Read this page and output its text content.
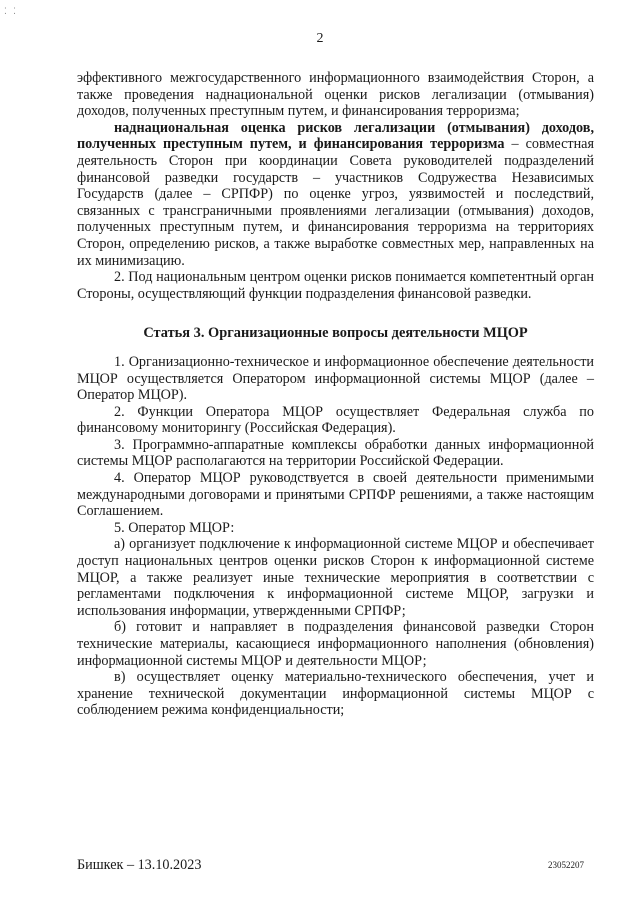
⁚ ⁚
2

эффективного межгосударственного информационного взаимодействия Сторон, а также проведения наднациональной оценки рисков легализации (отмывания) доходов, полученных преступным путем, и финансирования терроризма;

наднациональная оценка рисков легализации (отмывания) доходов, полученных преступным путем, и финансирования терроризма – совместная деятельность Сторон при координации Совета руководителей подразделений финансовой разведки государств – участников Содружества Независимых Государств (далее – СРПФР) по оценке угроз, уязвимостей и последствий, связанных с трансграничными проявлениями легализации (отмывания) доходов, полученных преступным путем, и финансирования терроризма на территориях Сторон, определению рисков, а также выработке совместных мер, направленных на их минимизацию.

2. Под национальным центром оценки рисков понимается компетентный орган Стороны, осуществляющий функции подразделения финансовой разведки.

Статья 3. Организационные вопросы деятельности МЦОР

1. Организационно-техническое и информационное обеспечение деятельности МЦОР осуществляется Оператором информационной системы МЦОР (далее – Оператор МЦОР).

2. Функции Оператора МЦОР осуществляет Федеральная служба по финансовому мониторингу (Российская Федерация).

3. Программно-аппаратные комплексы обработки данных информационной системы МЦОР располагаются на территории Российской Федерации.

4. Оператор МЦОР руководствуется в своей деятельности применимыми международными договорами и принятыми СРПФР решениями, а также настоящим Соглашением.

5. Оператор МЦОР:

а) организует подключение к информационной системе МЦОР и обеспечивает доступ национальных центров оценки рисков Сторон к информационной системе МЦОР, а также реализует иные технические мероприятия в соответствии с регламентами подключения к информационной системе МЦОР, загрузки и использования информации, утвержденными СРПФР;

б) готовит и направляет в подразделения финансовой разведки Сторон технические материалы, касающиеся информационного наполнения (обновления) информационной системы МЦОР и деятельности МЦОР;

в) осуществляет оценку материально-технического обеспечения, учет и хранение технической документации информационной системы МЦОР с соблюдением режима конфиденциальности;

Бишкек – 13.10.2023	23052207
